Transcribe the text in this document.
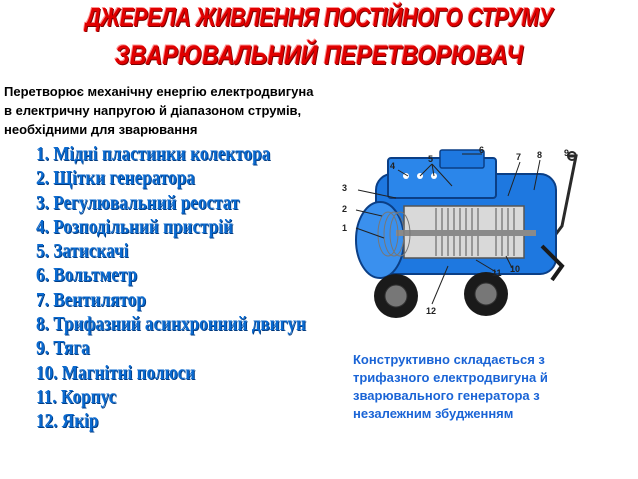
ДЖЕРЕЛА ЖИВЛЕННЯ ПОСТІЙНОГО СТРУМУ
ЗВАРЮВАЛЬНИЙ ПЕРЕТВОРЮВАЧ
Перетворює механічну енергію електродвигуна
в електричну напругою й діапазоном струмів,
необхідними для зварювання
1. Мідні пластинки колектора
2. Щітки генератора
3. Регулювальний реостат
4. Розподільний пристрій
5. Затискачі
6. Вольтметр
7. Вентилятор
8. Трифазний асинхронний двигун
9. Тяга
10. Магнітні полюси
11. Корпус
12. Якір
1
2
3
4
5
6
7 8 9
10
11
12
Конструктивно складається з
трифазного електродвигуна й
зварювального генератора з
незалежним збудженням
